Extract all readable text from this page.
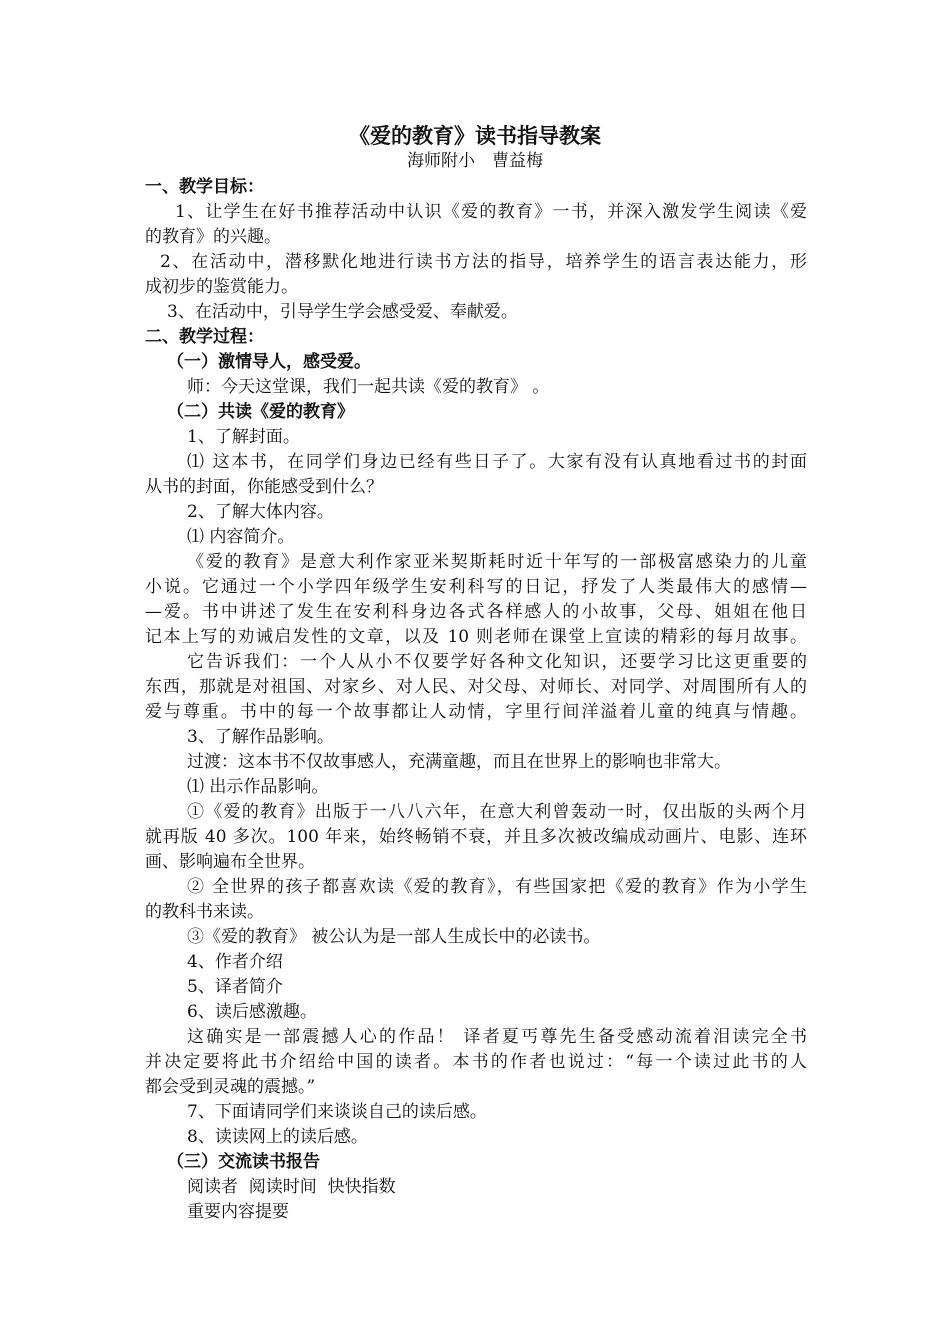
《爱的教育》读书指导教案
海师附小　曹益梅
一、教学目标：
1、让学生在好书推荐活动中认识《爱的教育》一书，并深入激发学生阅读《爱
的教育》的兴趣。
2、在活动中，潜移默化地进行读书方法的指导，培养学生的语言表达能力，形
成初步的鉴赏能力。
3、在活动中，引导学生学会感受爱、奉献爱。
二、教学过程：
（一）激情导人，感受爱。
师：今天这堂课，我们一起共读《爱的教育》 。
（二）共读《爱的教育》
1、了解封面。
⑴ 这本书，在同学们身边已经有些日子了。大家有没有认真地看过书的封面
从书的封面，你能感受到什么？
2、了解大体内容。
⑴ 内容简介。
《爱的教育》是意大利作家亚米契斯耗时近十年写的一部极富感染力的儿童
小说。它通过一个小学四年级学生安利科写的日记，抒发了人类最伟大的感情—
—爱。书中讲述了发生在安利科身边各式各样感人的小故事，父母、姐姐在他日
记本上写的劝诫启发性的文章，以及 10 则老师在课堂上宣读的精彩的每月故事。
它告诉我们：一个人从小不仅要学好各种文化知识，还要学习比这更重要的
东西，那就是对祖国、对家乡、对人民、对父母、对师长、对同学、对周围所有人的
爱与尊重。书中的每一个故事都让人动情，字里行间洋溢着儿童的纯真与情趣。
3、了解作品影响。
过渡：这本书不仅故事感人，充满童趣，而且在世界上的影响也非常大。
⑴ 出示作品影响。
①《爱的教育》出版于一八八六年，在意大利曾轰动一时，仅出版的头两个月
就再版 40 多次。100 年来，始终畅销不衰，并且多次被改编成动画片、电影、连环
画、影响遍布全世界。
② 全世界的孩子都喜欢读《爱的教育》，有些国家把《爱的教育》作为小学生
的教科书来读。
③《爱的教育》 被公认为是一部人生成长中的必读书。
4、作者介绍
5、译者简介
6、读后感激趣。
这确实是一部震撼人心的作品！ 译者夏丐尊先生备受感动流着泪读完全书
并决定要将此书介绍给中国的读者。本书的作者也说过：“每一个读过此书的人
都会受到灵魂的震撼。”
7、下面请同学们来谈谈自己的读后感。
8、读读网上的读后感。
（三）交流读书报告
阅读者  阅读时间  快快指数
重要内容提要
